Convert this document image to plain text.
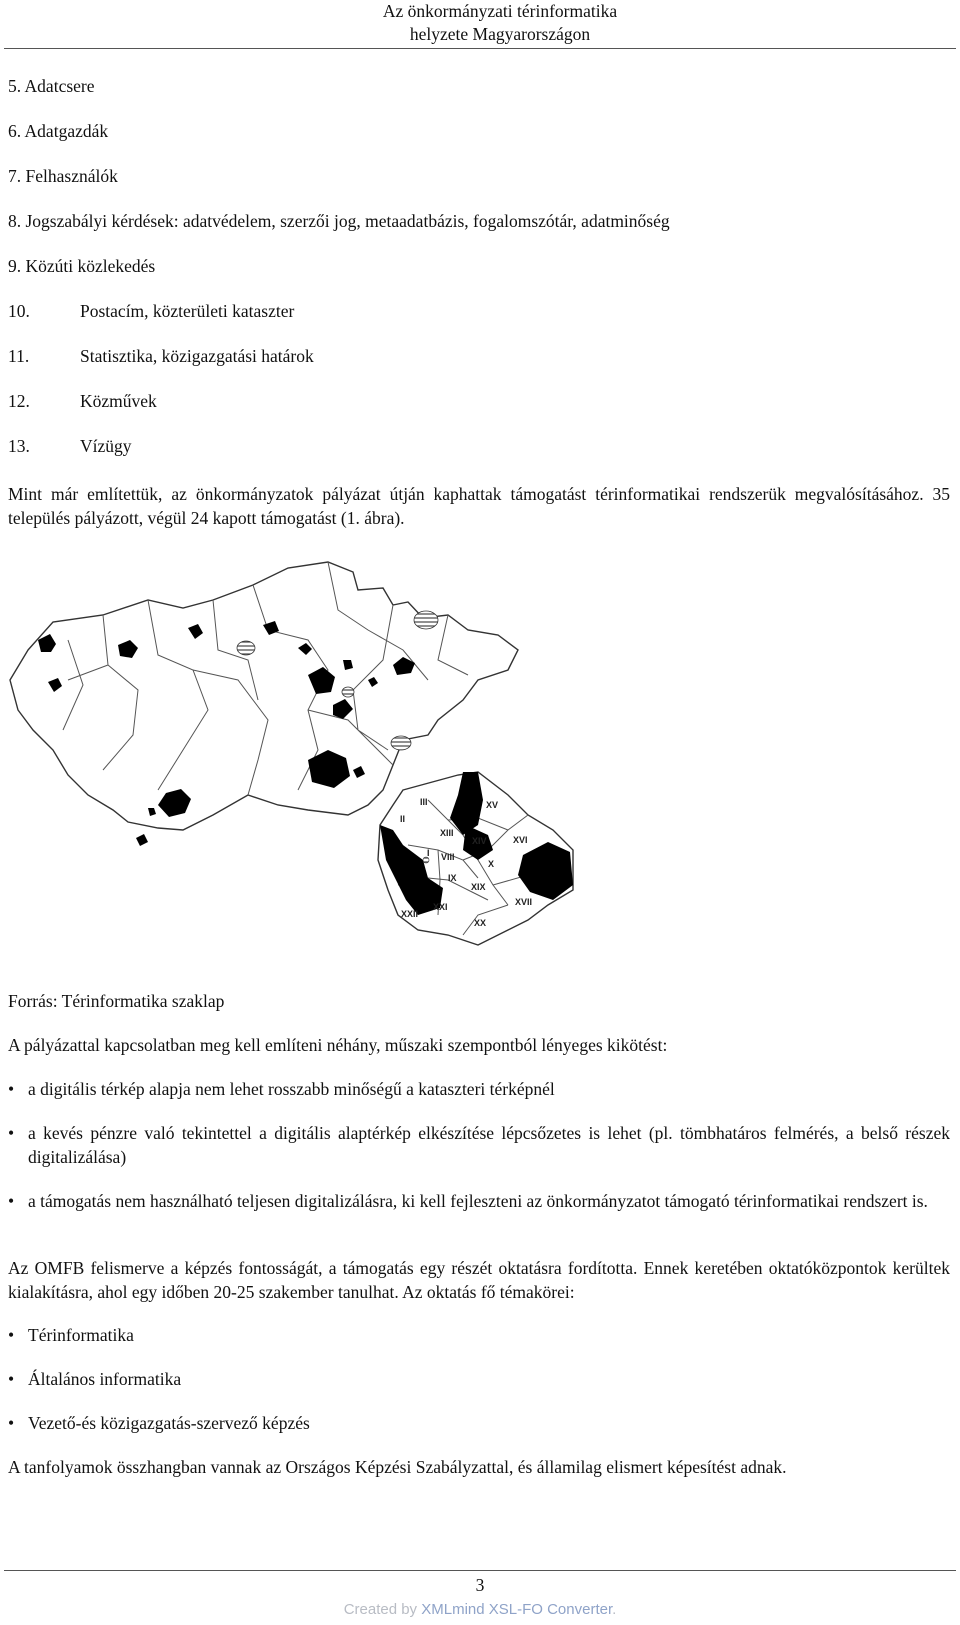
Az önkormányzati térinformatika
helyzete Magyarországon
5. Adatcsere
6. Adatgazdák
7. Felhasználók
8. Jogszabályi kérdések: adatvédelem, szerzői jog, metaadatbázis, fogalomszótár, adatminőség
9. Közúti közlekedés
10.	Postacím, közterületi kataszter
11.	Statisztika, közigazgatási határok
12.	Közművek
13.	Vízügy

Mint már említettük, az önkormányzatok pályázat útján kaphattak támogatást térinformatikai rendszerük megvalósításához. 35 település pályázott, végül 24 kapott támogatást (1. ábra).

III
II
XIII
XV
I VIII
X
XVI
XIV
IX
XIX
XVII
XXII
XXI
XX

Forrás: Térinformatika szaklap

A pályázattal kapcsolatban meg kell említeni néhány, műszaki szempontból lényeges kikötést:

• a digitális térkép alapja nem lehet rosszabb minőségű a kataszteri térképnél

• a kevés pénzre való tekintettel a digitális alaptérkép elkészítése lépcsőzetes is lehet (pl. tömbhatáros felmérés, a belső részek digitalizálása)

• a támogatás nem használható teljesen digitalizálásra, ki kell fejleszteni az önkormányzatot támogató térinformatikai rendszert is.

Az OMFB felismerve a képzés fontosságát, a támogatás egy részét oktatásra fordította. Ennek keretében oktatóközpontok kerültek kialakításra, ahol egy időben 20-25 szakember tanulhat. Az oktatás fő témakörei:

• Térinformatika

• Általános informatika

• Vezető-és közigazgatás-szervező képzés

A tanfolyamok összhangban vannak az Országos Képzési Szabályzattal, és államilag elismert képesítést adnak.

3
Created by XMLmind XSL-FO Converter.
